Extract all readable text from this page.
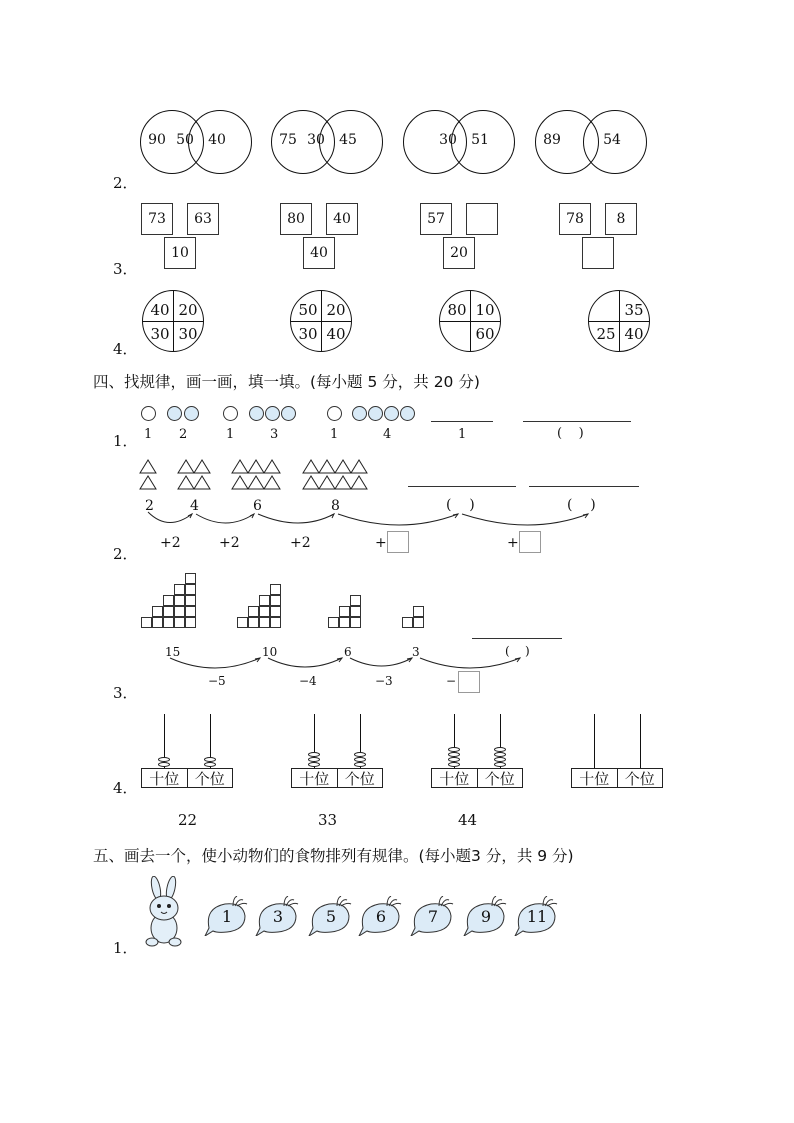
2．
90 50	40	75 30	45	30	51	89	54
3．
73	63
10
80	40
40
57
20
78	8
4．
40 20
30 30
50 20
30 40
80 10
60
35
25 40
四、找规律，画一画，填一填。(每小题 5 分，共 20 分)
1． 1 2	1	3	1	4	1	(    )
2．
2	4	6	8	(    )	(    )
+2	+2	+2	+	+
3．
15	10	6	3	(    )
−5	−4	−3	−
4．
十位	个位	十位	个位	十位	个位	十位	个位
22	33	44
五、画去一个，使小动物们的食物排列有规律。(每小题3 分，共 9 分)
1．
1	3	5	6	7	9	11
